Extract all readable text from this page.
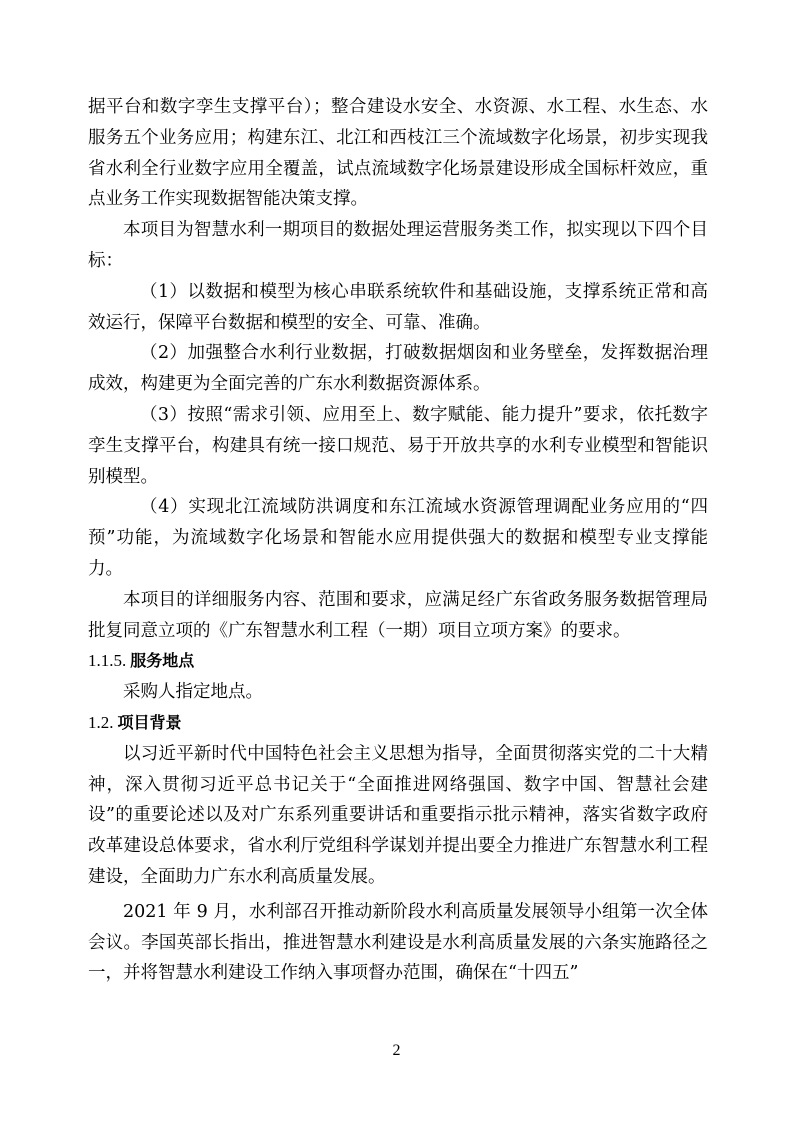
据平台和数字孪生支撑平台）；整合建设水安全、水资源、水工程、水生态、水服务五个业务应用；构建东江、北江和西枝江三个流域数字化场景，初步实现我省水利全行业数字应用全覆盖，试点流域数字化场景建设形成全国标杆效应，重点业务工作实现数据智能决策支撑。

本项目为智慧水利一期项目的数据处理运营服务类工作，拟实现以下四个目标：

（1）以数据和模型为核心串联系统软件和基础设施，支撑系统正常和高效运行，保障平台数据和模型的安全、可靠、准确。

（2）加强整合水利行业数据，打破数据烟囱和业务壁垒，发挥数据治理成效，构建更为全面完善的广东水利数据资源体系。

（3）按照“需求引领、应用至上、数字赋能、能力提升”要求，依托数字孪生支撑平台，构建具有统一接口规范、易于开放共享的水利专业模型和智能识别模型。

（4）实现北江流域防洪调度和东江流域水资源管理调配业务应用的“四预”功能，为流域数字化场景和智能水应用提供强大的数据和模型专业支撑能力。

本项目的详细服务内容、范围和要求，应满足经广东省政务服务数据管理局批复同意立项的《广东智慧水利工程（一期）项目立项方案》的要求。

1.1.5. 服务地点

采购人指定地点。

1.2. 项目背景

以习近平新时代中国特色社会主义思想为指导，全面贯彻落实党的二十大精神，深入贯彻习近平总书记关于“全面推进网络强国、数字中国、智慧社会建设”的重要论述以及对广东系列重要讲话和重要指示批示精神，落实省数字政府改革建设总体要求，省水利厅党组科学谋划并提出要全力推进广东智慧水利工程建设，全面助力广东水利高质量发展。

2021 年 9 月，水利部召开推动新阶段水利高质量发展领导小组第一次全体会议。李国英部长指出，推进智慧水利建设是水利高质量发展的六条实施路径之一，并将智慧水利建设工作纳入事项督办范围，确保在“十四五”

2
